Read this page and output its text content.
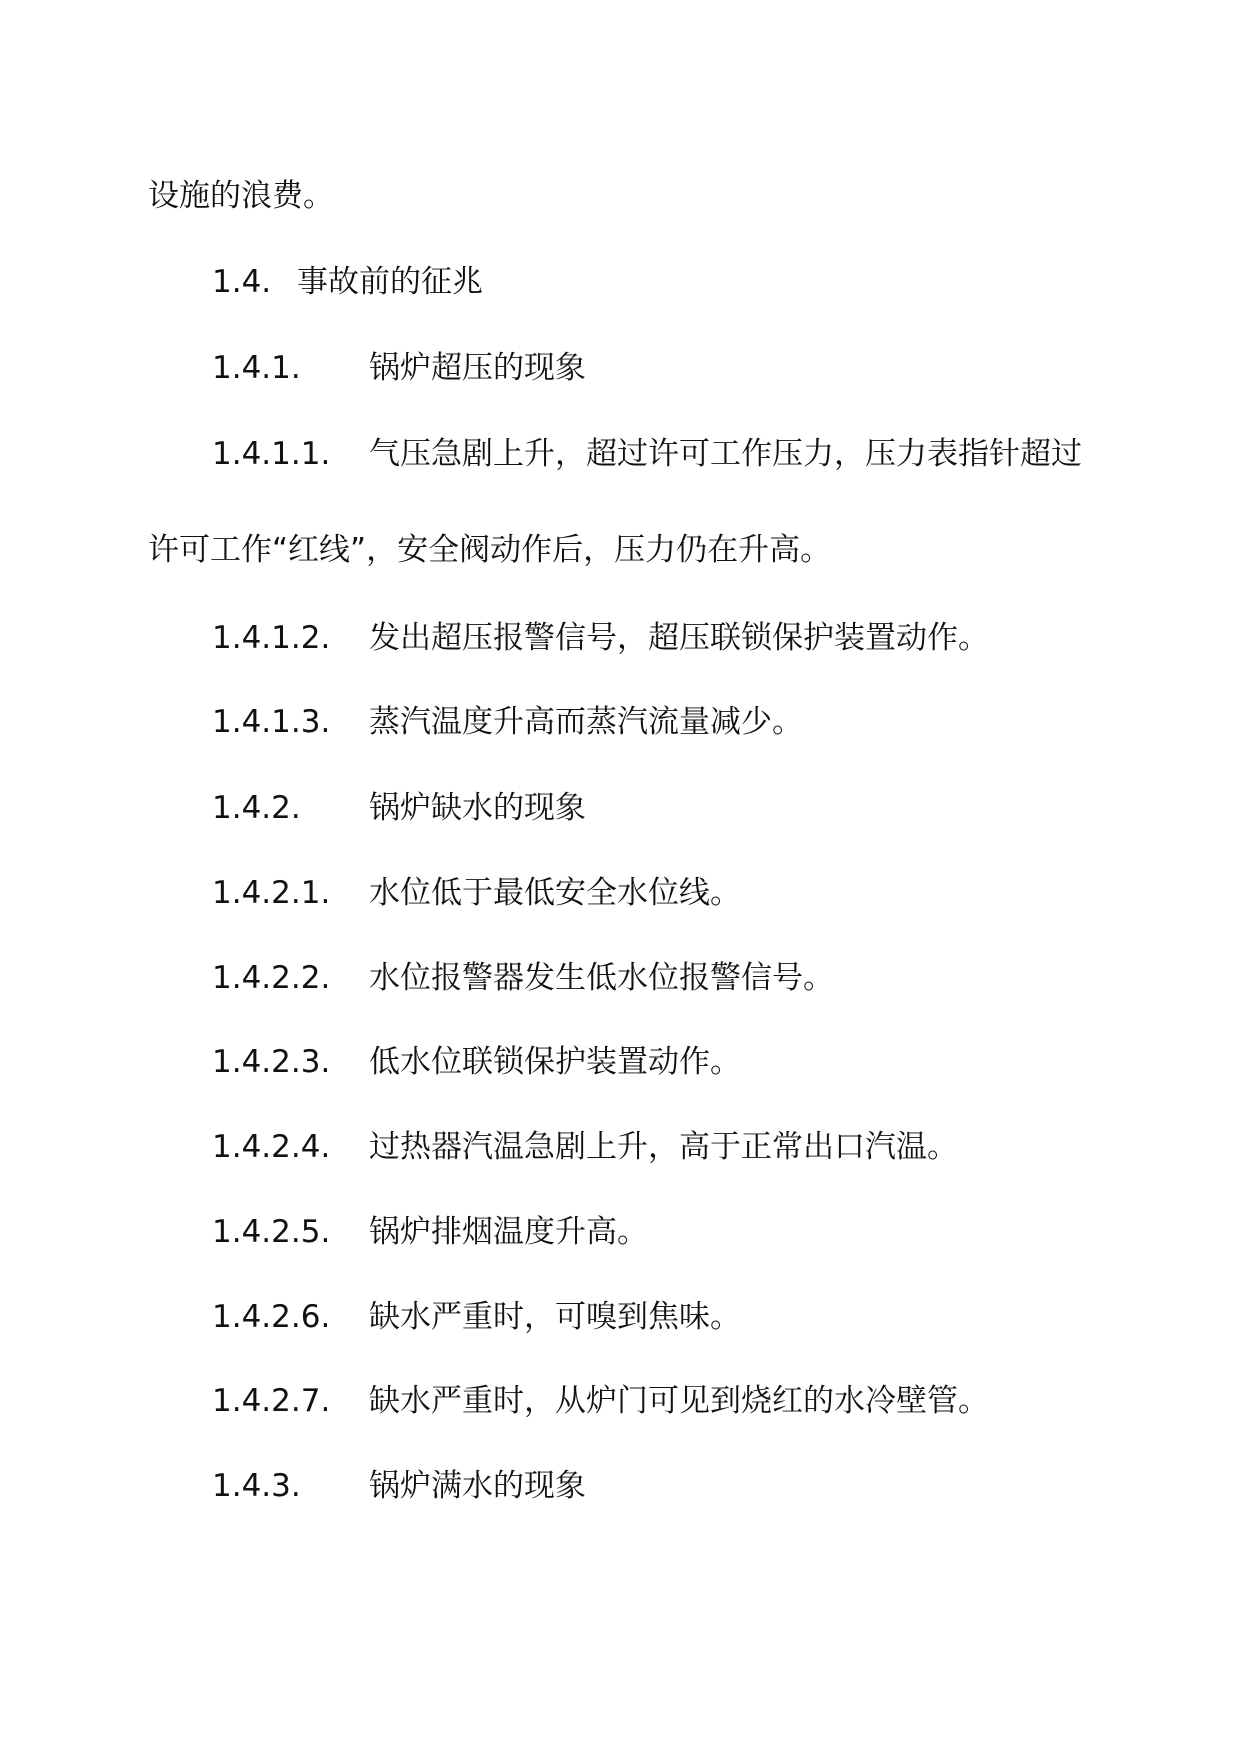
设施的浪费。
1.4. 事故前的征兆
1.4.1. 锅炉超压的现象
1.4.1.1. 气压急剧上升，超过许可工作压力，压力表指针超过
许可工作“红线”，安全阀动作后，压力仍在升高。
1.4.1.2. 发出超压报警信号，超压联锁保护装置动作。
1.4.1.3. 蒸汽温度升高而蒸汽流量减少。
1.4.2. 锅炉缺水的现象
1.4.2.1. 水位低于最低安全水位线。
1.4.2.2. 水位报警器发生低水位报警信号。
1.4.2.3. 低水位联锁保护装置动作。
1.4.2.4. 过热器汽温急剧上升，高于正常出口汽温。
1.4.2.5. 锅炉排烟温度升高。
1.4.2.6. 缺水严重时，可嗅到焦味。
1.4.2.7. 缺水严重时，从炉门可见到烧红的水冷壁管。
1.4.3. 锅炉满水的现象
